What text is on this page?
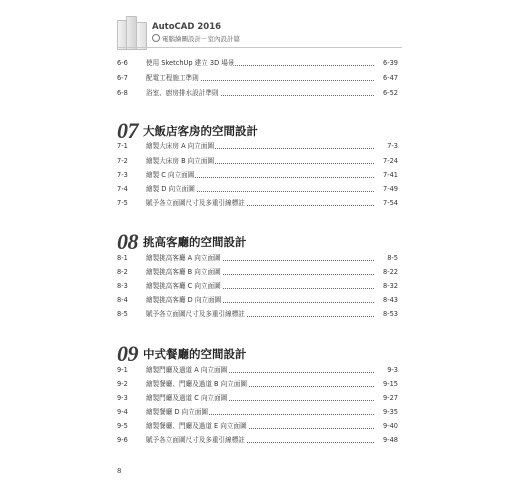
AutoCAD 2016
電腦繪圖設計－室內設計篇
6-6	使用 SketchUp 建立 3D 場景	6-39
6-7	配電工程施工準則	6-47
6-8	浴室、廚房排水設計準則	6-52
07 大飯店客房的空間設計
7-1	繪製大床房 A 向立面圖	7-3
7-2	繪製大床房 B 向立面圖	7-24
7-3	繪製 C 向立面圖	7-41
7-4	繪製 D 向立面圖	7-49
7-5	賦予各立面圖尺寸及多重引線標註	7-54
08 挑高客廳的空間設計
8-1	繪製挑高客廳 A 向立面圖	8-5
8-2	繪製挑高客廳 B 向立面圖	8-22
8-3	繪製挑高客廳 C 向立面圖	8-32
8-4	繪製挑高客廳 D 向立面圖	8-43
8-5	賦予各立面圖尺寸及多重引線標註	8-53
09 中式餐廳的空間設計
9-1	繪製門廳及過道 A 向立面圖	9-3
9-2	繪製餐廳、門廳及過道 B 向立面圖	9-15
9-3	繪製門廳及過道 C 向立面圖	9-27
9-4	繪製餐廳 D 向立面圖	9-35
9-5	繪製餐廳、門廳及過道 E 向立面圖	9-40
9-6	賦予各立面圖尺寸及多重引線標註	9-48
8
